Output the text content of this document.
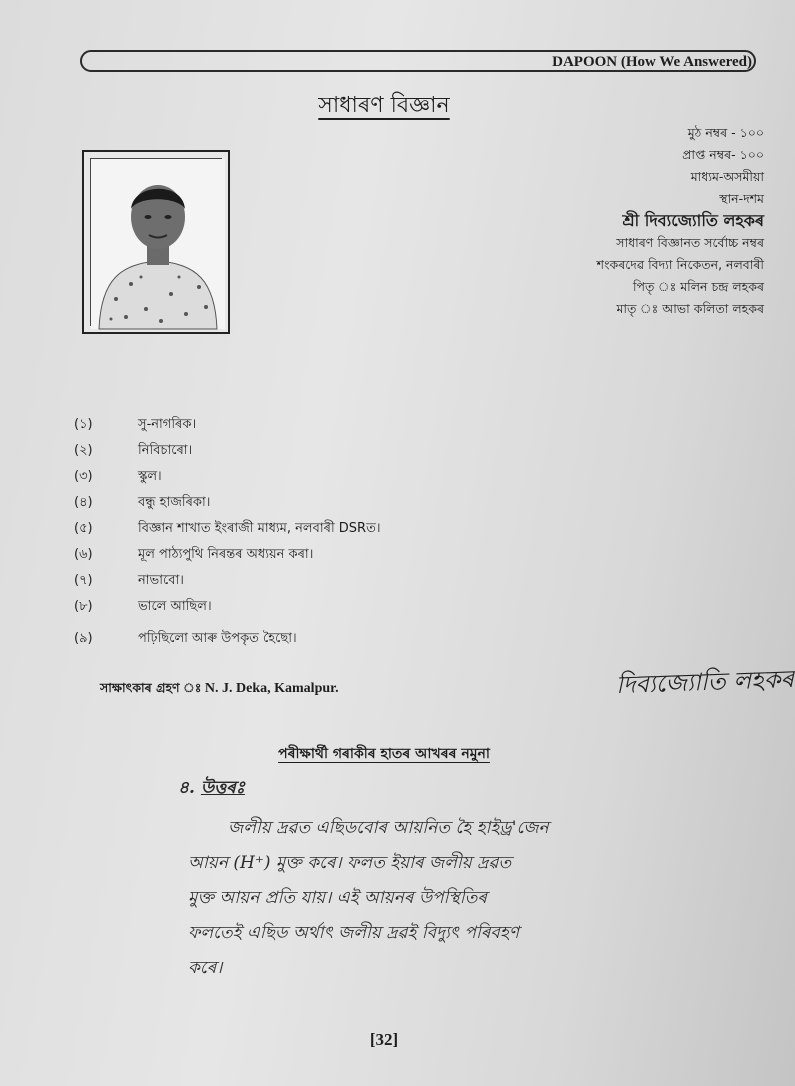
DAPOON (How We Answered)
সাধাৰণ বিজ্ঞান
মুঠ নম্বৰ - ১০০
প্ৰাপ্ত নম্বৰ- ১০০
মাধ্যম-অসমীয়া
স্থান-দশম
শ্ৰী দিব্যজ্যোতি লহকৰ
সাধাৰণ বিজ্ঞানত সৰ্বোচ্চ নম্বৰ
শংকৰদেৱ বিদ্যা নিকেতন, নলবাৰী
পিতৃ ঃ মলিন চন্দ্ৰ লহকৰ
মাতৃ ঃ আভা কলিতা লহকৰ
(১)	সু-নাগৰিক।
(২)	নিবিচাৰো।
(৩)	স্কুল।
(৪)	বন্ধু হাজৰিকা।
(৫)	বিজ্ঞান শাখাত ইংৰাজী মাধ্যম, নলবাৰী DSRত।
(৬)	মূল পাঠ্যপুথি নিৰন্তৰ অধ্যয়ন কৰা।
(৭)	নাভাবো।
(৮)	ভালে আছিল।
(৯)	পঢ়িছিলো আৰু উপকৃত হৈছো।
সাক্ষাৎকাৰ গ্ৰহণ ঃ N. J. Deka, Kamalpur.	দিব্যজ্যোতি লহকৰ
পৰীক্ষাৰ্থী গৰাকীৰ হাতৰ আখৰৰ নমুনা
৪. উত্তৰঃ
জলীয় দ্ৰৱত এছিডবোৰ আয়নিত হৈ হাইড্ৰ'জেন
আয়ন (H⁺) মুক্ত কৰে। ফলত ইয়াৰ জলীয় দ্ৰৱত
মুক্ত আয়ন প্ৰতি যায়। এই আয়নৰ উপস্থিতিৰ
ফলতেই এছিড অৰ্থাৎ জলীয় দ্ৰৱই বিদ্যুৎ পৰিবহণ
কৰে।
[32]
